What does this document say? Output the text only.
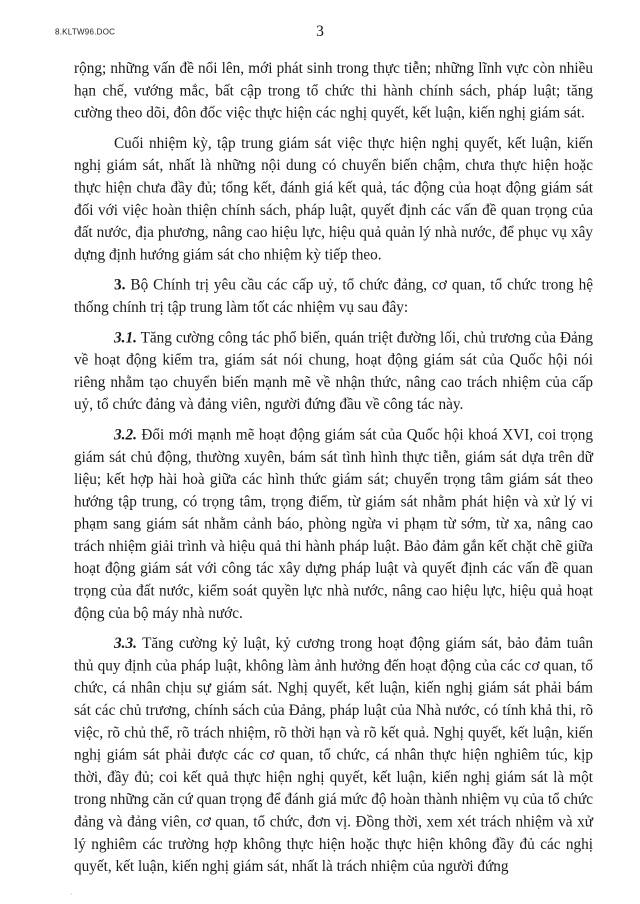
8.KLTW96.DOC	3

rộng; những vấn đề nổi lên, mới phát sinh trong thực tiễn; những lĩnh vực còn nhiều hạn chế, vướng mắc, bất cập trong tổ chức thi hành chính sách, pháp luật; tăng cường theo dõi, đôn đốc việc thực hiện các nghị quyết, kết luận, kiến nghị giám sát.

Cuối nhiệm kỳ, tập trung giám sát việc thực hiện nghị quyết, kết luận, kiến nghị giám sát, nhất là những nội dung có chuyển biến chậm, chưa thực hiện hoặc thực hiện chưa đầy đủ; tổng kết, đánh giá kết quả, tác động của hoạt động giám sát đối với việc hoàn thiện chính sách, pháp luật, quyết định các vấn đề quan trọng của đất nước, địa phương, nâng cao hiệu lực, hiệu quả quản lý nhà nước, để phục vụ xây dựng định hướng giám sát cho nhiệm kỳ tiếp theo.

3. Bộ Chính trị yêu cầu các cấp uỷ, tổ chức đảng, cơ quan, tổ chức trong hệ thống chính trị tập trung làm tốt các nhiệm vụ sau đây:

3.1. Tăng cường công tác phổ biến, quán triệt đường lối, chủ trương của Đảng về hoạt động kiểm tra, giám sát nói chung, hoạt động giám sát của Quốc hội nói riêng nhằm tạo chuyển biến mạnh mẽ về nhận thức, nâng cao trách nhiệm của cấp uỷ, tổ chức đảng và đảng viên, người đứng đầu về công tác này.

3.2. Đổi mới mạnh mẽ hoạt động giám sát của Quốc hội khoá XVI, coi trọng giám sát chủ động, thường xuyên, bám sát tình hình thực tiễn, giám sát dựa trên dữ liệu; kết hợp hài hoà giữa các hình thức giám sát; chuyển trọng tâm giám sát theo hướng tập trung, có trọng tâm, trọng điểm, từ giám sát nhằm phát hiện và xử lý vi phạm sang giám sát nhằm cảnh báo, phòng ngừa vi phạm từ sớm, từ xa, nâng cao trách nhiệm giải trình và hiệu quả thi hành pháp luật. Bảo đảm gắn kết chặt chẽ giữa hoạt động giám sát với công tác xây dựng pháp luật và quyết định các vấn đề quan trọng của đất nước, kiểm soát quyền lực nhà nước, nâng cao hiệu lực, hiệu quả hoạt động của bộ máy nhà nước.

3.3. Tăng cường kỷ luật, kỷ cương trong hoạt động giám sát, bảo đảm tuân thủ quy định của pháp luật, không làm ảnh hưởng đến hoạt động của các cơ quan, tổ chức, cá nhân chịu sự giám sát. Nghị quyết, kết luận, kiến nghị giám sát phải bám sát các chủ trương, chính sách của Đảng, pháp luật của Nhà nước, có tính khả thi, rõ việc, rõ chủ thể, rõ trách nhiệm, rõ thời hạn và rõ kết quả. Nghị quyết, kết luận, kiến nghị giám sát phải được các cơ quan, tổ chức, cá nhân thực hiện nghiêm túc, kịp thời, đầy đủ; coi kết quả thực hiện nghị quyết, kết luận, kiến nghị giám sát là một trong những căn cứ quan trọng để đánh giá mức độ hoàn thành nhiệm vụ của tổ chức đảng và đảng viên, cơ quan, tổ chức, đơn vị. Đồng thời, xem xét trách nhiệm và xử lý nghiêm các trường hợp không thực hiện hoặc thực hiện không đầy đủ các nghị quyết, kết luận, kiến nghị giám sát, nhất là trách nhiệm của người đứng

·
